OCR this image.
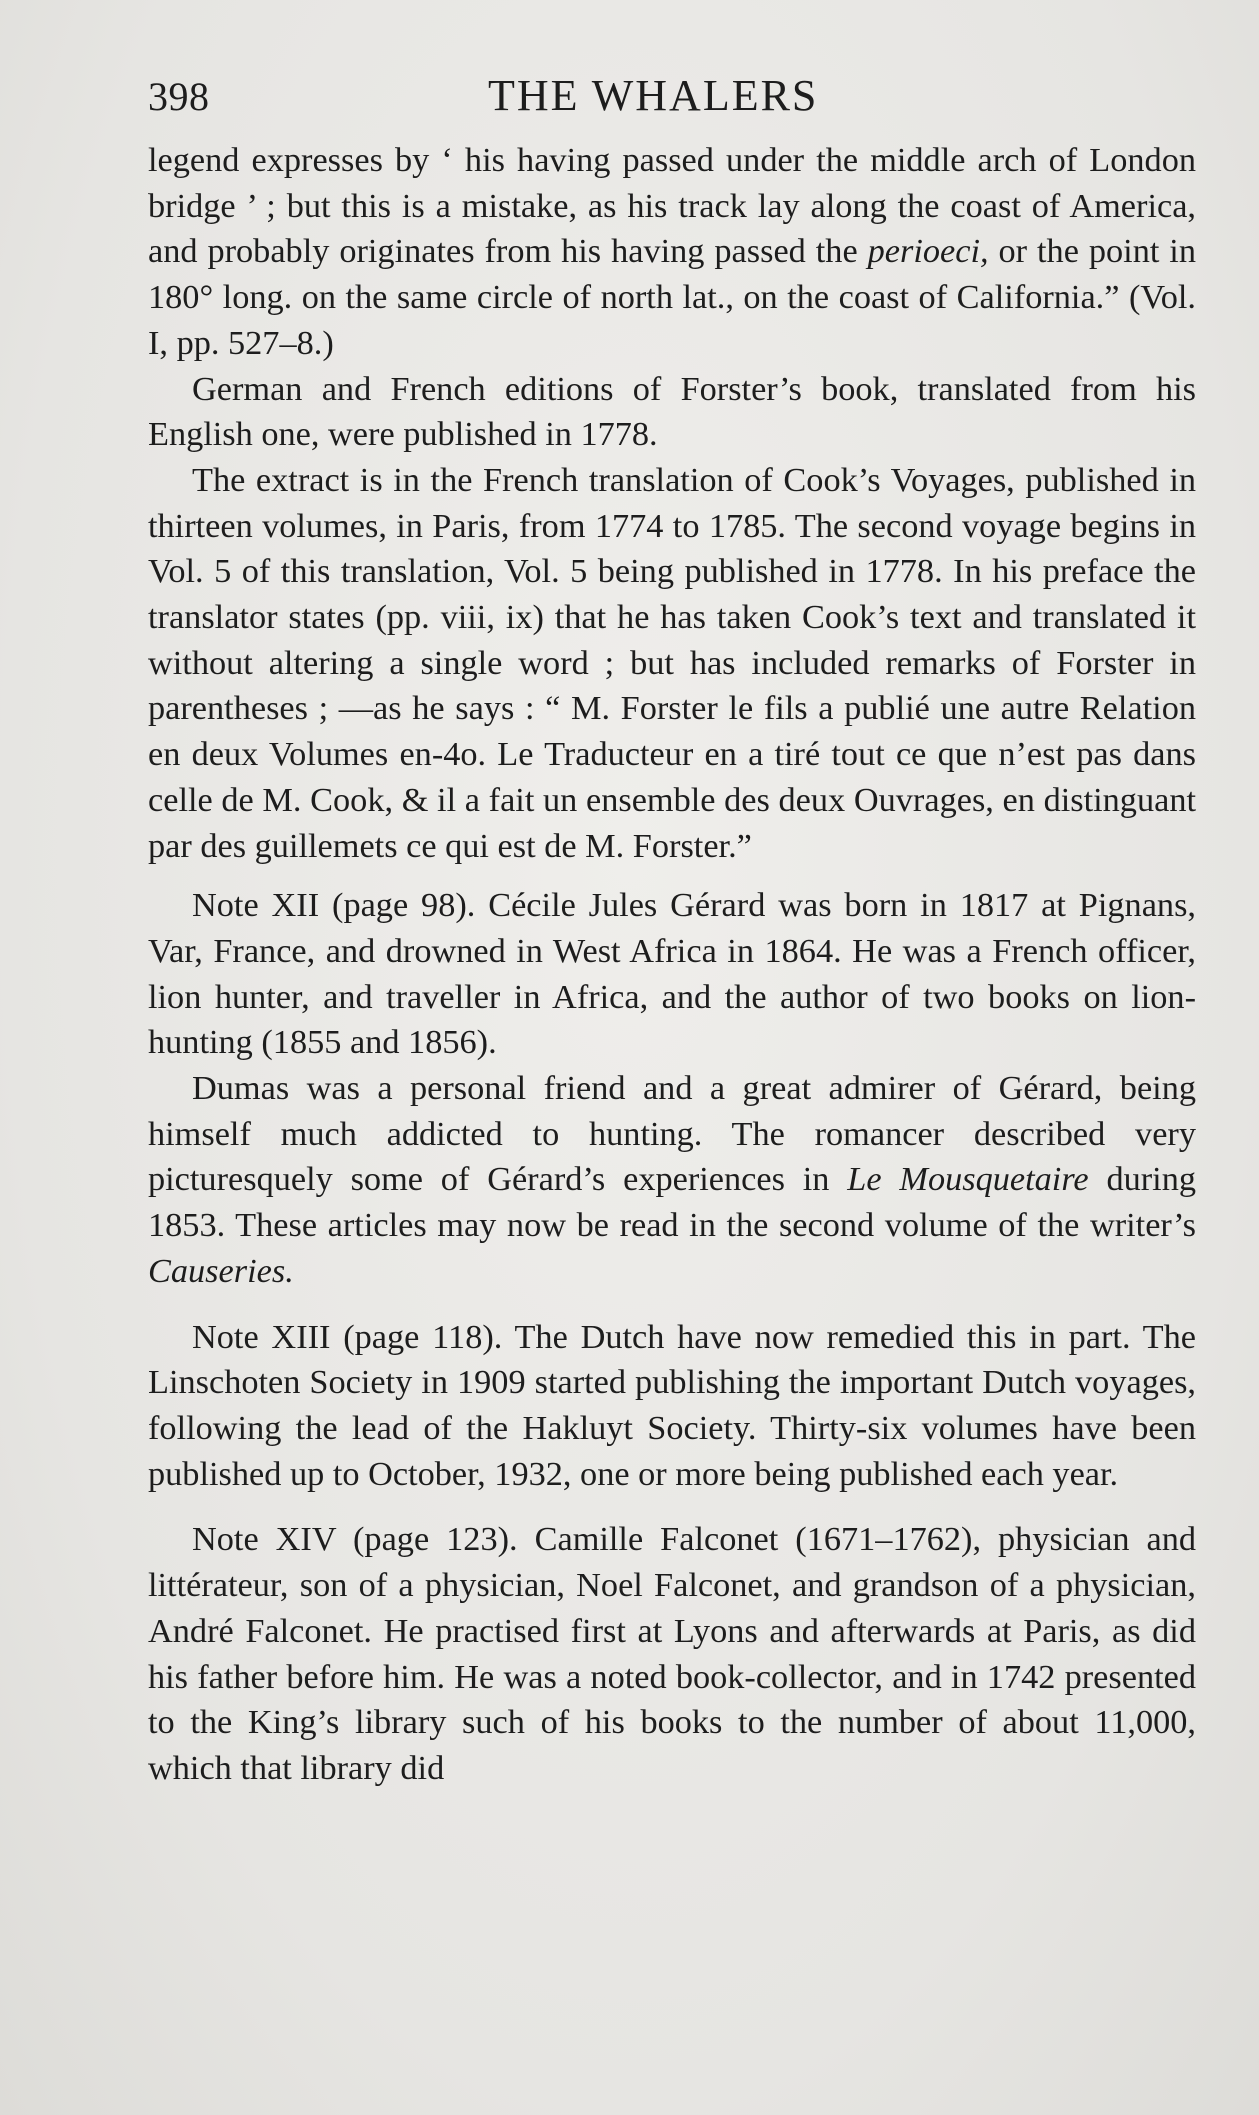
398	THE WHALERS

legend expresses by ‘ his having passed under the middle arch of London bridge ’ ; but this is a mistake, as his track lay along the coast of America, and probably originates from his having passed the perioeci, or the point in 180° long. on the same circle of north lat., on the coast of California.” (Vol. I, pp. 527–8.)

German and French editions of Forster’s book, translated from his English one, were published in 1778.

The extract is in the French translation of Cook’s Voyages, published in thirteen volumes, in Paris, from 1774 to 1785. The second voyage begins in Vol. 5 of this translation, Vol. 5 being published in 1778. In his preface the translator states (pp. viii, ix) that he has taken Cook’s text and translated it without altering a single word ; but has included remarks of Forster in parentheses ; —as he says : “ M. Forster le fils a publié une autre Relation en deux Volumes en-4o. Le Traducteur en a tiré tout ce que n’est pas dans celle de M. Cook, & il a fait un ensemble des deux Ouvrages, en distinguant par des guillemets ce qui est de M. Forster.”

Note XII (page 98). Cécile Jules Gérard was born in 1817 at Pignans, Var, France, and drowned in West Africa in 1864. He was a French officer, lion hunter, and traveller in Africa, and the author of two books on lion-hunting (1855 and 1856).

Dumas was a personal friend and a great admirer of Gérard, being himself much addicted to hunting. The romancer described very picturesquely some of Gérard’s experiences in Le Mousquetaire during 1853. These articles may now be read in the second volume of the writer’s Causeries.

Note XIII (page 118). The Dutch have now remedied this in part. The Linschoten Society in 1909 started publishing the important Dutch voyages, following the lead of the Hakluyt Society. Thirty-six volumes have been published up to October, 1932, one or more being published each year.

Note XIV (page 123). Camille Falconet (1671–1762), physician and littérateur, son of a physician, Noel Falconet, and grandson of a physician, André Falconet. He practised first at Lyons and afterwards at Paris, as did his father before him. He was a noted book-collector, and in 1742 presented to the King’s library such of his books to the number of about 11,000, which that library did
